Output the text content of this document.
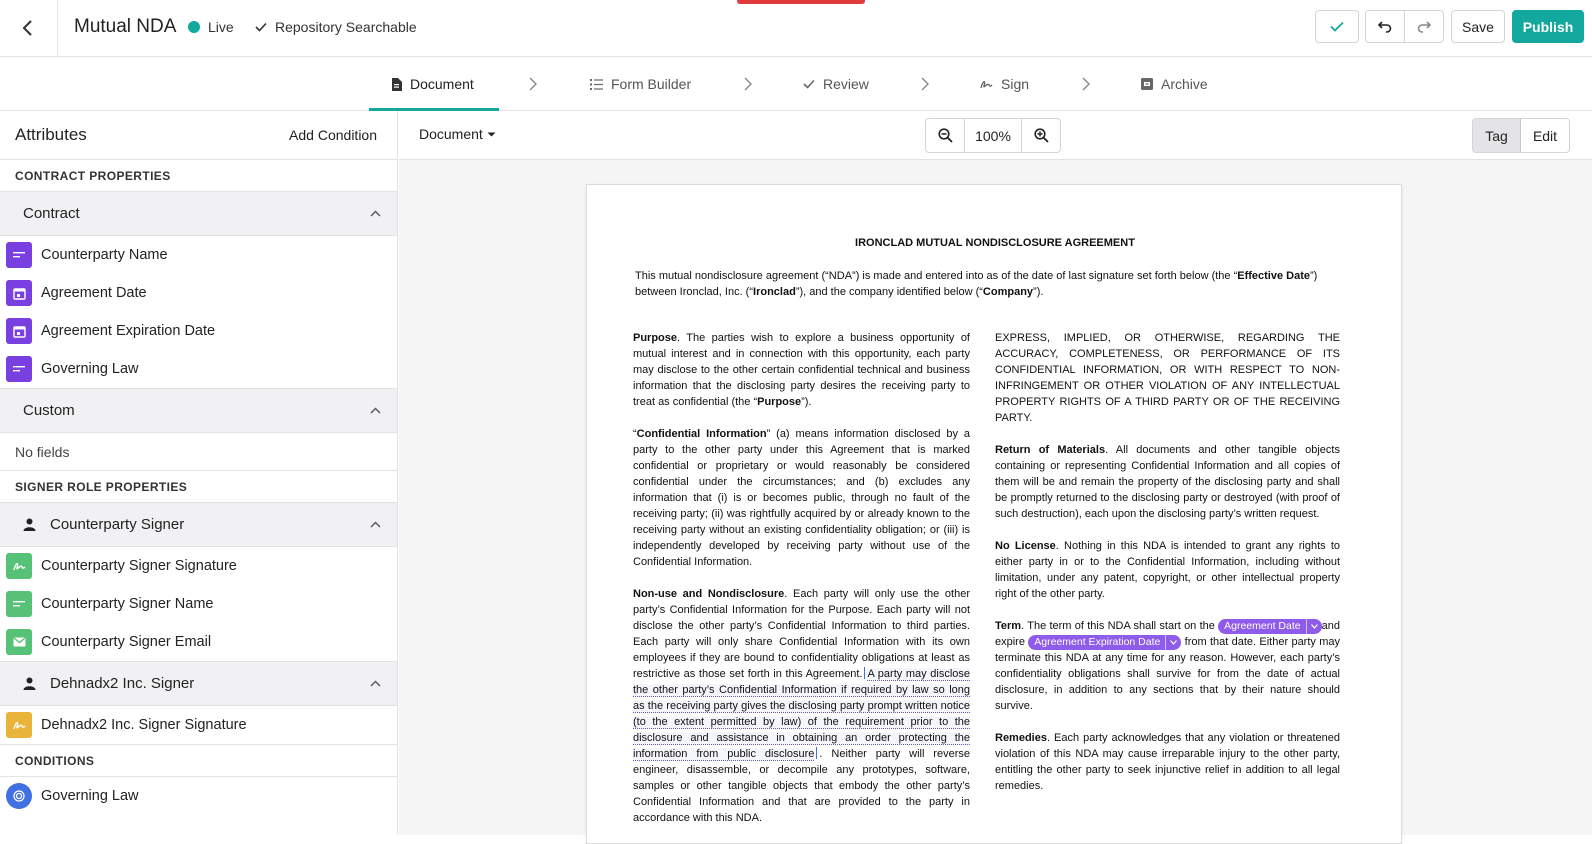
Mutual NDA Live	Repository Searchable	Save	Publish
Document	Form Builder	Review	Sign	Archive
Attributes	Add Condition
CONTRACT PROPERTIES
Contract
Counterparty Name
Agreement Date
Agreement Expiration Date
Governing Law
Custom
No fields
SIGNER ROLE PROPERTIES
Counterparty Signer
Counterparty Signer Signature
Counterparty Signer Name
Counterparty Signer Email
Dehnadx2 Inc. Signer
Dehnadx2 Inc. Signer Signature
CONDITIONS
Governing Law
Document	100%	Tag	Edit
IRONCLAD MUTUAL NONDISCLOSURE AGREEMENT
This mutual nondisclosure agreement (“NDA”) is made and entered into as of the date of last signature set forth below (the “Effective Date”) between Ironclad, Inc. (“Ironclad”), and the company identified below (“Company”).

Purpose. The parties wish to explore a business opportunity of mutual interest and in connection with this opportunity, each party may disclose to the other certain confidential technical and business information that the disclosing party desires the receiving party to treat as confidential (the “Purpose”).

“Confidential Information” (a) means information disclosed by a party to the other party under this Agreement that is marked confidential or proprietary or would reasonably be considered confidential under the circumstances; and (b) excludes any information that (i) is or becomes public, through no fault of the receiving party; (ii) was rightfully acquired by or already known to the receiving party without an existing confidentiality obligation; or (iii) is independently developed by receiving party without use of the Confidential Information.

Non-use and Nondisclosure. Each party will only use the other party’s Confidential Information for the Purpose. Each party will not disclose the other party’s Confidential Information to third parties. Each party will only share Confidential Information with its own employees if they are bound to confidentiality obligations at least as restrictive as those set forth in this Agreement. A party may disclose the other party’s Confidential Information if required by law so long as the receiving party gives the disclosing party prompt written notice (to the extent permitted by law) of the requirement prior to the disclosure and assistance in obtaining an order protecting the information from public disclosure . Neither party will reverse engineer, disassemble, or decompile any prototypes, software, samples or other tangible objects that embody the other party’s Confidential Information and that are provided to the party in accordance with this NDA.

EXPRESS, IMPLIED, OR OTHERWISE, REGARDING THE ACCURACY, COMPLETENESS, OR PERFORMANCE OF ITS CONFIDENTIAL INFORMATION, OR WITH RESPECT TO NON-INFRINGEMENT OR OTHER VIOLATION OF ANY INTELLECTUAL PROPERTY RIGHTS OF A THIRD PARTY OR OF THE RECEIVING PARTY.

Return of Materials. All documents and other tangible objects containing or representing Confidential Information and all copies of them will be and remain the property of the disclosing party and shall be promptly returned to the disclosing party or destroyed (with proof of such destruction), each upon the disclosing party’s written request.

No License. Nothing in this NDA is intended to grant any rights to either party in or to the Confidential Information, including without limitation, under any patent, copyright, or other intellectual property right of the other party.

Term. The term of this NDA shall start on the Agreement Date and expire Agreement Expiration Date from that date. Either party may terminate this NDA at any time for any reason. However, each party’s confidentiality obligations shall survive for from the date of actual disclosure, in addition to any sections that by their nature should survive.

Remedies. Each party acknowledges that any violation or threatened violation of this NDA may cause irreparable injury to the other party, entitling the other party to seek injunctive relief in addition to all legal remedies.
